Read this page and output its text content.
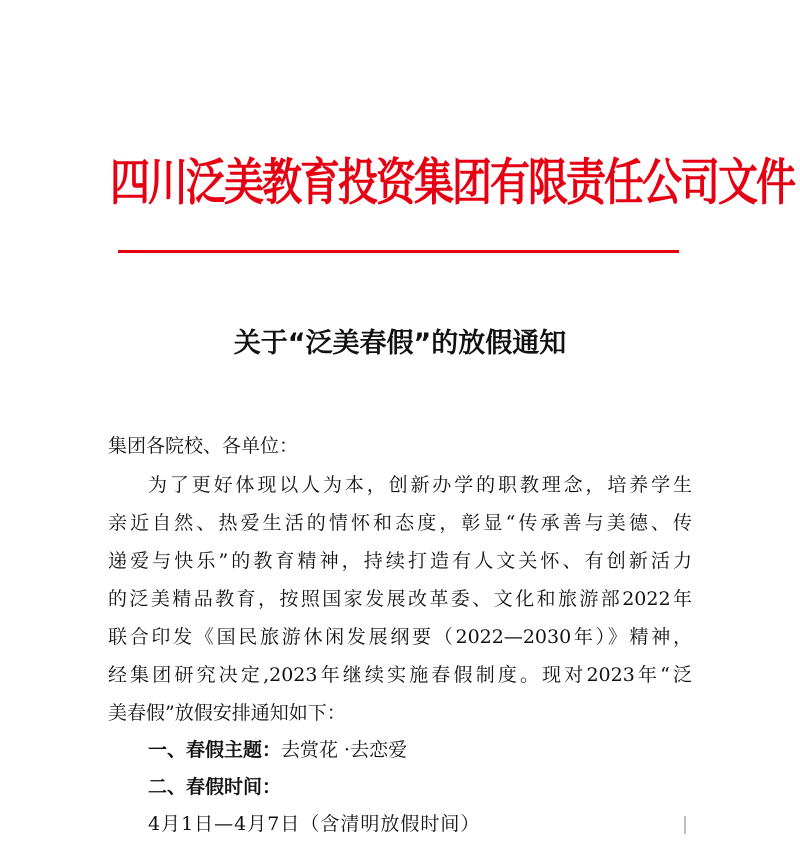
四川泛美教育投资集团有限责任公司文件
关于“泛美春假”的放假通知
集团各院校、各单位：
为了更好体现以人为本，创新办学的职教理念，培养学生
亲近自然、热爱生活的情怀和态度，彰显“传承善与美德、传
递爱与快乐”的教育精神，持续打造有人文关怀、有创新活力
的泛美精品教育，按照国家发展改革委、文化和旅游部2022年
联合印发《国民旅游休闲发展纲要（2022—2030年）》精神，
经集团研究决定,2023年继续实施春假制度。现对2023年“泛
美春假”放假安排通知如下：
一、春假主题：去赏花 ·去恋爱
二、春假时间：
4月1日—4月7日（含清明放假时间）
